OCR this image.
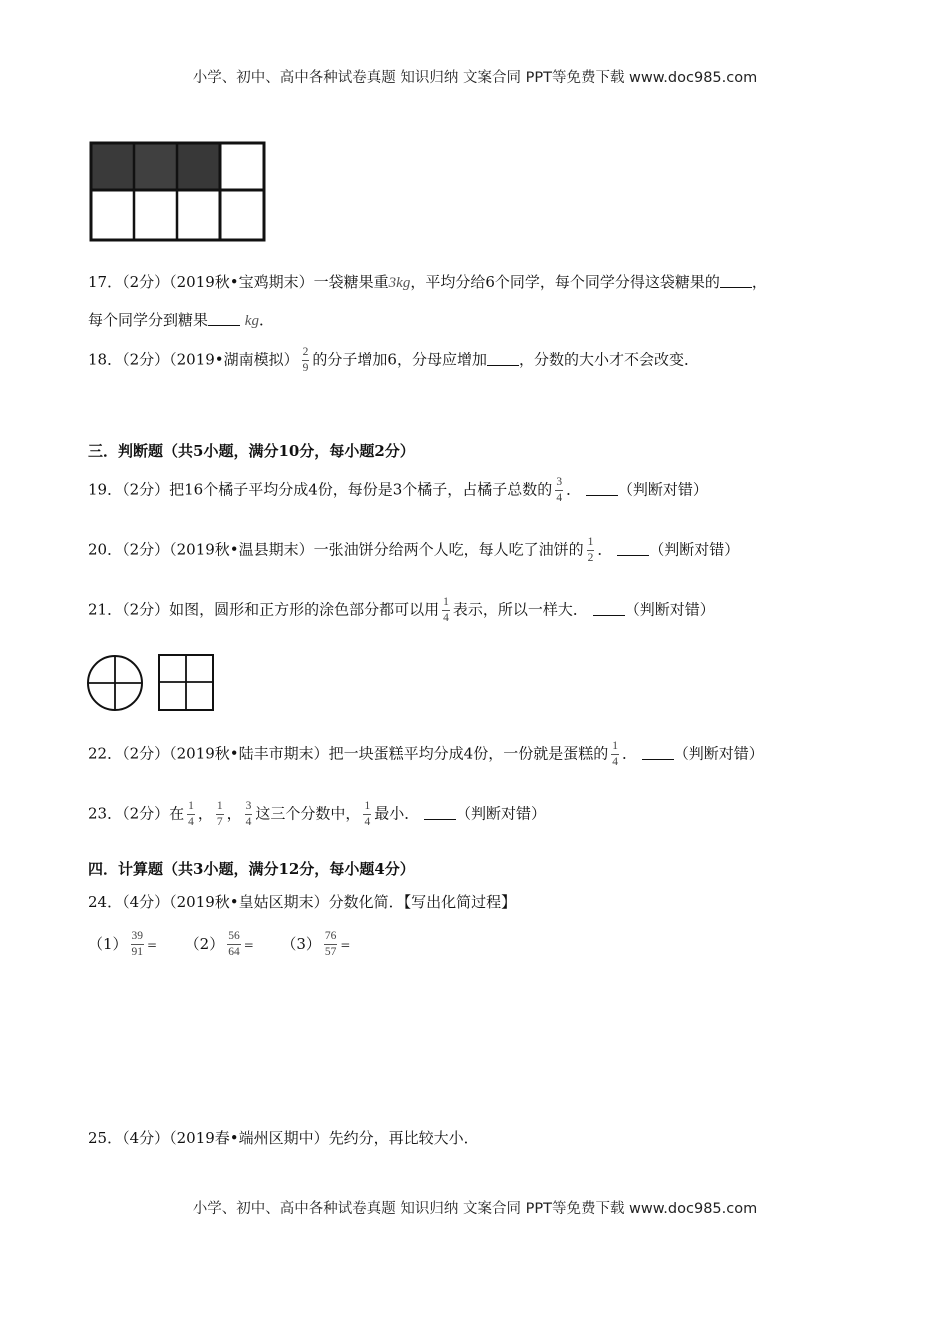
小学、初中、高中各种试卷真题 知识归纳 文案合同 PPT等免费下载 www.doc985.com
17．（2分）（2019秋•宝鸡期末）一袋糖果重3kg，平均分给6个同学，每个同学分得这袋糖果的 ，
每个同学分到糖果 kg．
18．（2分）（2019•湖南模拟） $\frac{2}{9}$ 的分子增加6，分母应增加 ，分数的大小才不会改变．
三．判断题（共5小题，满分10分，每小题2分）
19．（2分）把16个橘子平均分成4份，每份是3个橘子，占橘子总数的 $\frac{3}{4}$ ． （判断对错）
20．（2分）（2019秋•温县期末）一张油饼分给两个人吃，每人吃了油饼的 $\frac{1}{2}$ ． （判断对错）
21．（2分）如图，圆形和正方形的涂色部分都可以用 $\frac{1}{4}$ 表示，所以一样大． （判断对错）
22．（2分）（2019秋•陆丰市期末）把一块蛋糕平均分成4份，一份就是蛋糕的 $\frac{1}{4}$ ． （判断对错）
23．（2分）在 $\frac{1}{4}$ ， $\frac{1}{7}$ ， $\frac{3}{4}$ 这三个分数中， $\frac{1}{4}$ 最小． （判断对错）
四．计算题（共3小题，满分12分，每小题4分）
24．（4分）（2019秋•皇姑区期末）分数化简．【写出化简过程】
$(1) \frac{39}{91} = (2) \frac{56}{64} = (3) \frac{76}{57}$ =
25．（4分）（2019春•端州区期中）先约分，再比较大小．
小学、初中、高中各种试卷真题 知识归纳 文案合同 PPT等免费下载 www.doc985.com
